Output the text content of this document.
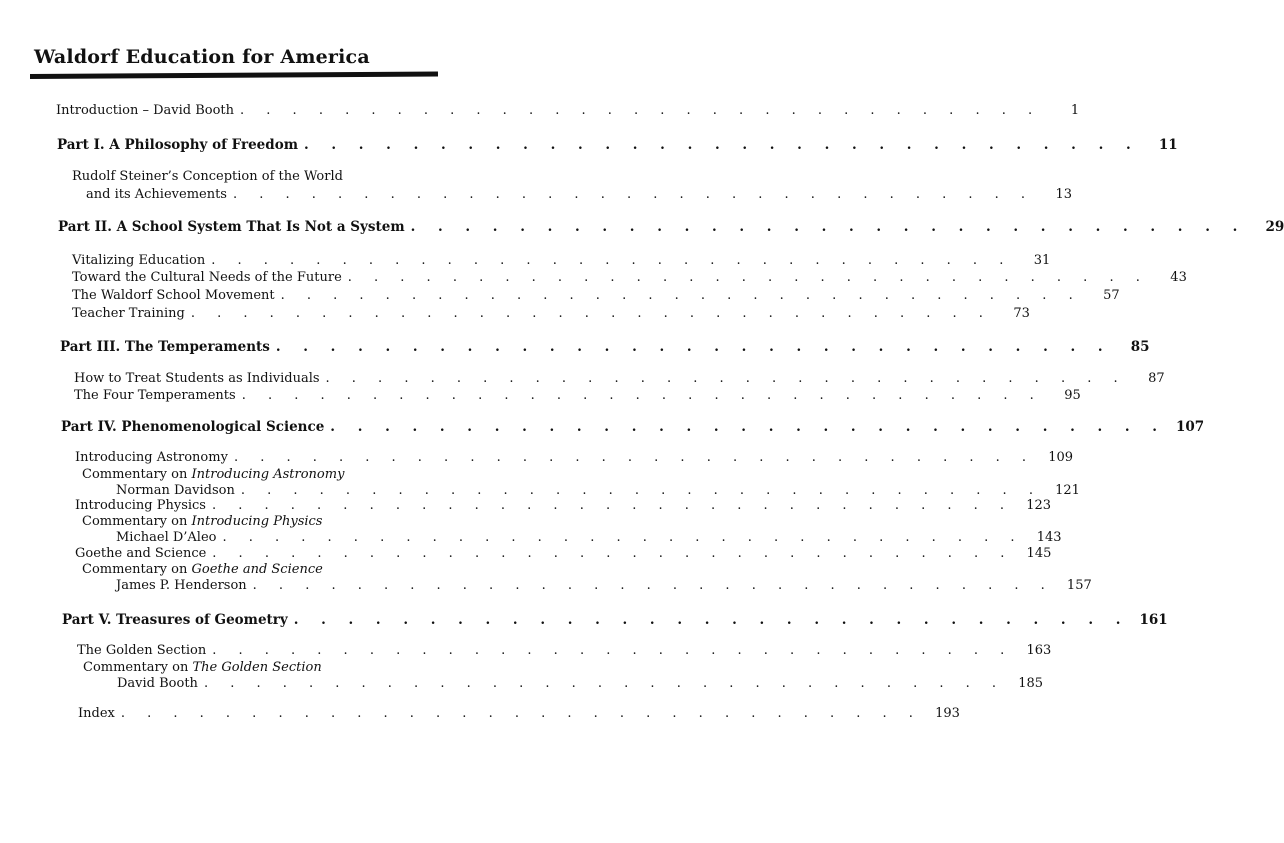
Waldorf Education for America
Introduction – David Booth . . . . . . . . . . . . . . . . . . . . . . . . . . . . . . .	1
Part I. A Philosophy of Freedom . . . . . . . . . . . . . . . . . . . . . . . . . . . . . . .	11
Rudolf Steiner’s Conception of the World
and its Achievements . . . . . . . . . . . . . . . . . . . . . . . . . . . . . . .	13
Part II. A School System That Is Not a System . . . . . . . . . . . . . . . . . . . . . . . . . . . . . . .	29
Vitalizing Education . . . . . . . . . . . . . . . . . . . . . . . . . . . . . . .	31
Toward the Cultural Needs of the Future . . . . . . . . . . . . . . . . . . . . . . . . . . . . . . .	43
The Waldorf School Movement . . . . . . . . . . . . . . . . . . . . . . . . . . . . . . .	57
Teacher Training . . . . . . . . . . . . . . . . . . . . . . . . . . . . . . .	73
Part III. The Temperaments . . . . . . . . . . . . . . . . . . . . . . . . . . . . . . .	85
How to Treat Students as Individuals . . . . . . . . . . . . . . . . . . . . . . . . . . . . . . .	87
The Four Temperaments . . . . . . . . . . . . . . . . . . . . . . . . . . . . . . .	95
Part IV. Phenomenological Science . . . . . . . . . . . . . . . . . . . . . . . . . . . . . . . 107
Introducing Astronomy . . . . . . . . . . . . . . . . . . . . . . . . . . . . . . . 109
Commentary on Introducing Astronomy
Norman Davidson . . . . . . . . . . . . . . . . . . . . . . . . . . . . . . . 121
Introducing Physics . . . . . . . . . . . . . . . . . . . . . . . . . . . . . . . 123
Commentary on Introducing Physics
Michael D’Aleo . . . . . . . . . . . . . . . . . . . . . . . . . . . . . . . 143
Goethe and Science . . . . . . . . . . . . . . . . . . . . . . . . . . . . . . . 145
Commentary on Goethe and Science
James P. Henderson . . . . . . . . . . . . . . . . . . . . . . . . . . . . . . . 157
Part V. Treasures of Geometry . . . . . . . . . . . . . . . . . . . . . . . . . . . . . . . 161
The Golden Section . . . . . . . . . . . . . . . . . . . . . . . . . . . . . . . 163
Commentary on The Golden Section
David Booth . . . . . . . . . . . . . . . . . . . . . . . . . . . . . . . 185
Index . . . . . . . . . . . . . . . . . . . . . . . . . . . . . . . 193
